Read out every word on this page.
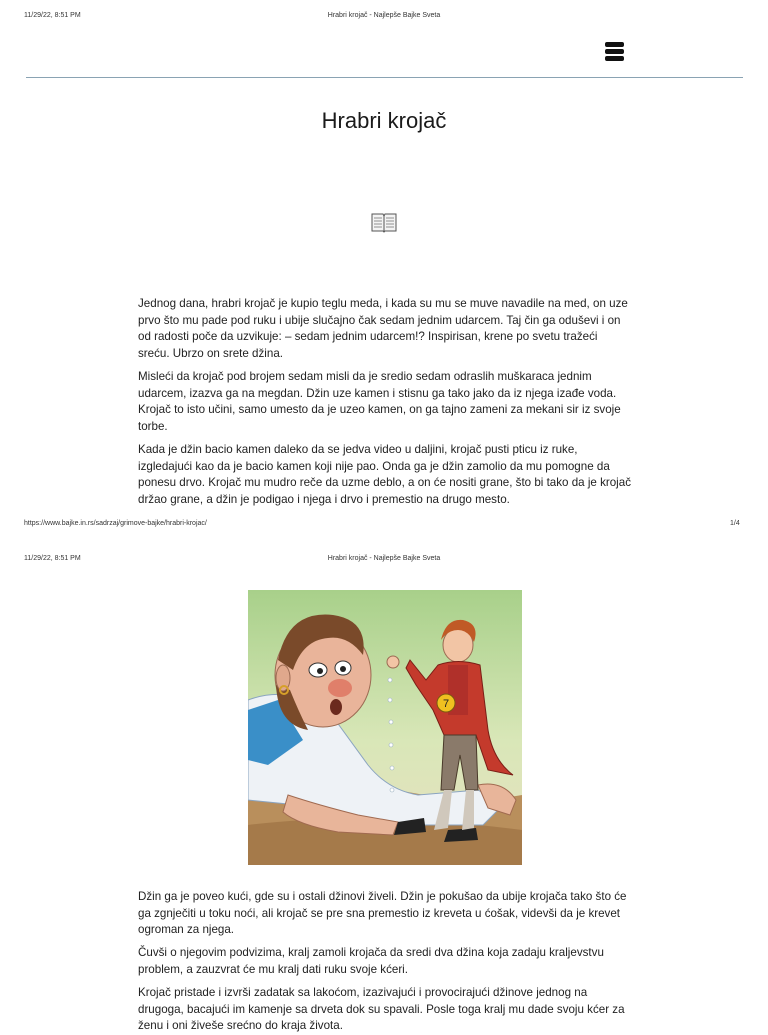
11/29/22, 8:51 PM	Hrabri krojač - Najlepše Bajke Sveta
Hrabri krojač

Jednog dana, hrabri krojač je kupio teglu meda, i kada su mu se muve navadile na med, on uze prvo što mu pade pod ruku i ubije slučajno čak sedam jednim udarcem. Taj čin ga oduševi i on od radosti poče da uzvikuje: – sedam jednim udarcem!? Inspirisan, krene po svetu tražeći sreću. Ubrzo on srete džina.

Misleći da krojač pod brojem sedam misli da je sredio sedam odraslih muškaraca jednim udarcem, izazva ga na megdan. Džin uze kamen i stisnu ga tako jako da iz njega izađe voda. Krojač to isto učini, samo umesto da je uzeo kamen, on ga tajno zameni za mekani sir iz svoje torbe.

Kada je džin bacio kamen daleko da se jedva video u daljini, krojač pusti pticu iz ruke, izgledajući kao da je bacio kamen koji nije pao. Onda ga je džin zamolio da mu pomogne da ponesu drvo. Krojač mu mudro reče da uzme deblo, a on će nositi grane, što bi tako da je krojač držao grane, a džin je podigao i njega i drvo i premestio na drugo mesto.

https://www.bajke.in.rs/sadrzaj/grimove-bajke/hrabri-krojac/	1/4
11/29/22, 8:51 PM	Hrabri krojač - Najlepše Bajke Sveta
7

Džin ga je poveo kući, gde su i ostali džinovi živeli. Džin je pokušao da ubije krojača tako što će ga zgnječiti u toku noći, ali krojač se pre sna premestio iz kreveta u ćošak, videvši da je krevet ogroman za njega.

Čuvši o njegovim podvizima, kralj zamoli krojača da sredi dva džina koja zadaju kraljevstvu problem, a zauzvrat će mu kralj dati ruku svoje kćeri.

Krojač pristade i izvrši zadatak sa lakoćom, izazivajući i provocirajući džinove jednog na drugoga, bacajući im kamenje sa drveta dok su spavali. Posle toga kralj mu dade svoju kćer za ženu i oni živeše srećno do kraja života.
